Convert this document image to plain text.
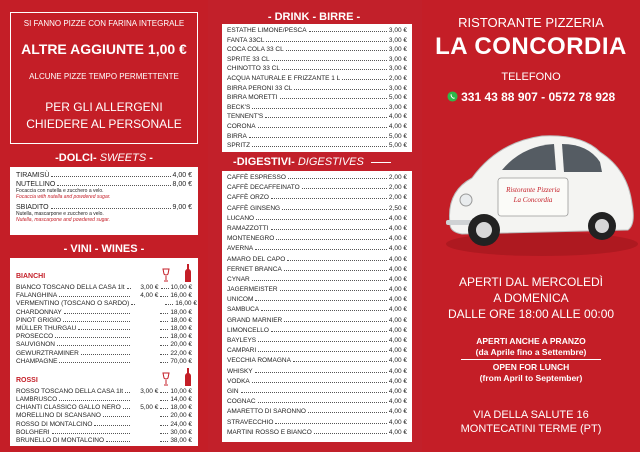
SI FANNO PIZZE CON FARINA INTEGRALE
ALTRE AGGIUNTE 1,00 €
ALCUNE PIZZE TEMPO PERMETTENTE
PER GLI ALLERGENI
CHIEDERE AL PERSONALE
-DOLCI- SWEETS -
TIRAMISÙ	4,00 €
NUTELLINO	8,00 €
Focaccia con nutella e zucchero a velo.
Focaccia with nutella and powdered sugar.
SBIADITO	9,00 €
Nutella, mascarpone e zucchero a velo.
Nutella, mascarpone and powdered sugar.
- VINI - WINES -
BIANCHI
BIANCO TOSCANO DELLA CASA 1lt	3,00 € 10,00 €
FALANGHINA	4,00 € 16,00 €
VERMENTINO (TOSCANO O SARDO)	16,00 €
CHARDONNAY	18,00 €
PINOT GRIGIO	18,00 €
MÜLLER THURGAU	18,00 €
PROSECCO	18,00 €
SAUVIGNON	20,00 €
GEWURZTRAMINER	22,00 €
CHAMPAGNE	70,00 €
ROSSI
ROSSO TOSCANO DELLA CASA 1lt	3,00 € 10,00 €
LAMBRUSCO	14,00 €
CHIANTI CLASSICO GALLO NERO	5,00 € 18,00 €
MORELLINO DI SCANSANO	20,00 €
ROSSO DI MONTALCINO	24,00 €
BOLGHERI	30,00 €
BRUNELLO DI MONTALCINO	38,00 €
- DRINK - BIRRE -
ESTATHE LIMONE/PESCA	3,00 €
FANTA 33CL	3,00 €
COCA COLA 33 CL	3,00 €
SPRITE 33 CL	3,00 €
CHINOTTO 33 CL	3,00 €
ACQUA NATURALE E FRIZZANTE 1 L	2,00 €
BIRRA PERONI 33 CL	3,00 €
BIRRA MORETTI	5,00 €
BECK'S	3,00 €
TENNENT'S	4,00 €
CORONA	4,00 €
BIRRA	5,00 €
SPRITZ	5,00 €
-DIGESTIVI- DIGESTIVES
CAFFÈ ESPRESSO	2,00 €
CAFFÈ DECAFFEINATO	2,00 €
CAFFÈ ORZO	2,00 €
CAFFÈ GINSENG	2,50 €
LUCANO	4,00 €
RAMAZZOTTI	4,00 €
MONTENEGRO	4,00 €
AVERNA	4,00 €
AMARO DEL CAPO	4,00 €
FERNET BRANCA	4,00 €
CYNAR	4,00 €
JAGERMEISTER	4,00 €
UNICOM	4,00 €
SAMBUCA	4,00 €
GRAND MARNIER	4,00 €
LIMONCELLO	4,00 €
BAYLEYS	4,00 €
CAMPARI	4,00 €
VECCHIA ROMAGNA	4,00 €
WHISKY	4,00 €
VODKA	4,00 €
GIN	4,00 €
COGNAC	4,00 €
AMARETTO DI SARONNO	4,00 €
STRAVECCHIO	4,00 €
MARTINI ROSSO E BIANCO	4,00 €
RISTORANTE PIZZERIA
LA CONCORDIA
TELEFONO
331 43 88 907 - 0572 78 928
Ristorante Pizzeria
La Concordia
APERTI DAL MERCOLEDÌ
A DOMENICA
DALLE ORE 18:00 ALLE 00:00
APERTI ANCHE A PRANZO
(da Aprile fino a Settembre)
OPEN FOR LUNCH
(from April to September)
VIA DELLA SALUTE 16
MONTECATINI TERME (PT)
